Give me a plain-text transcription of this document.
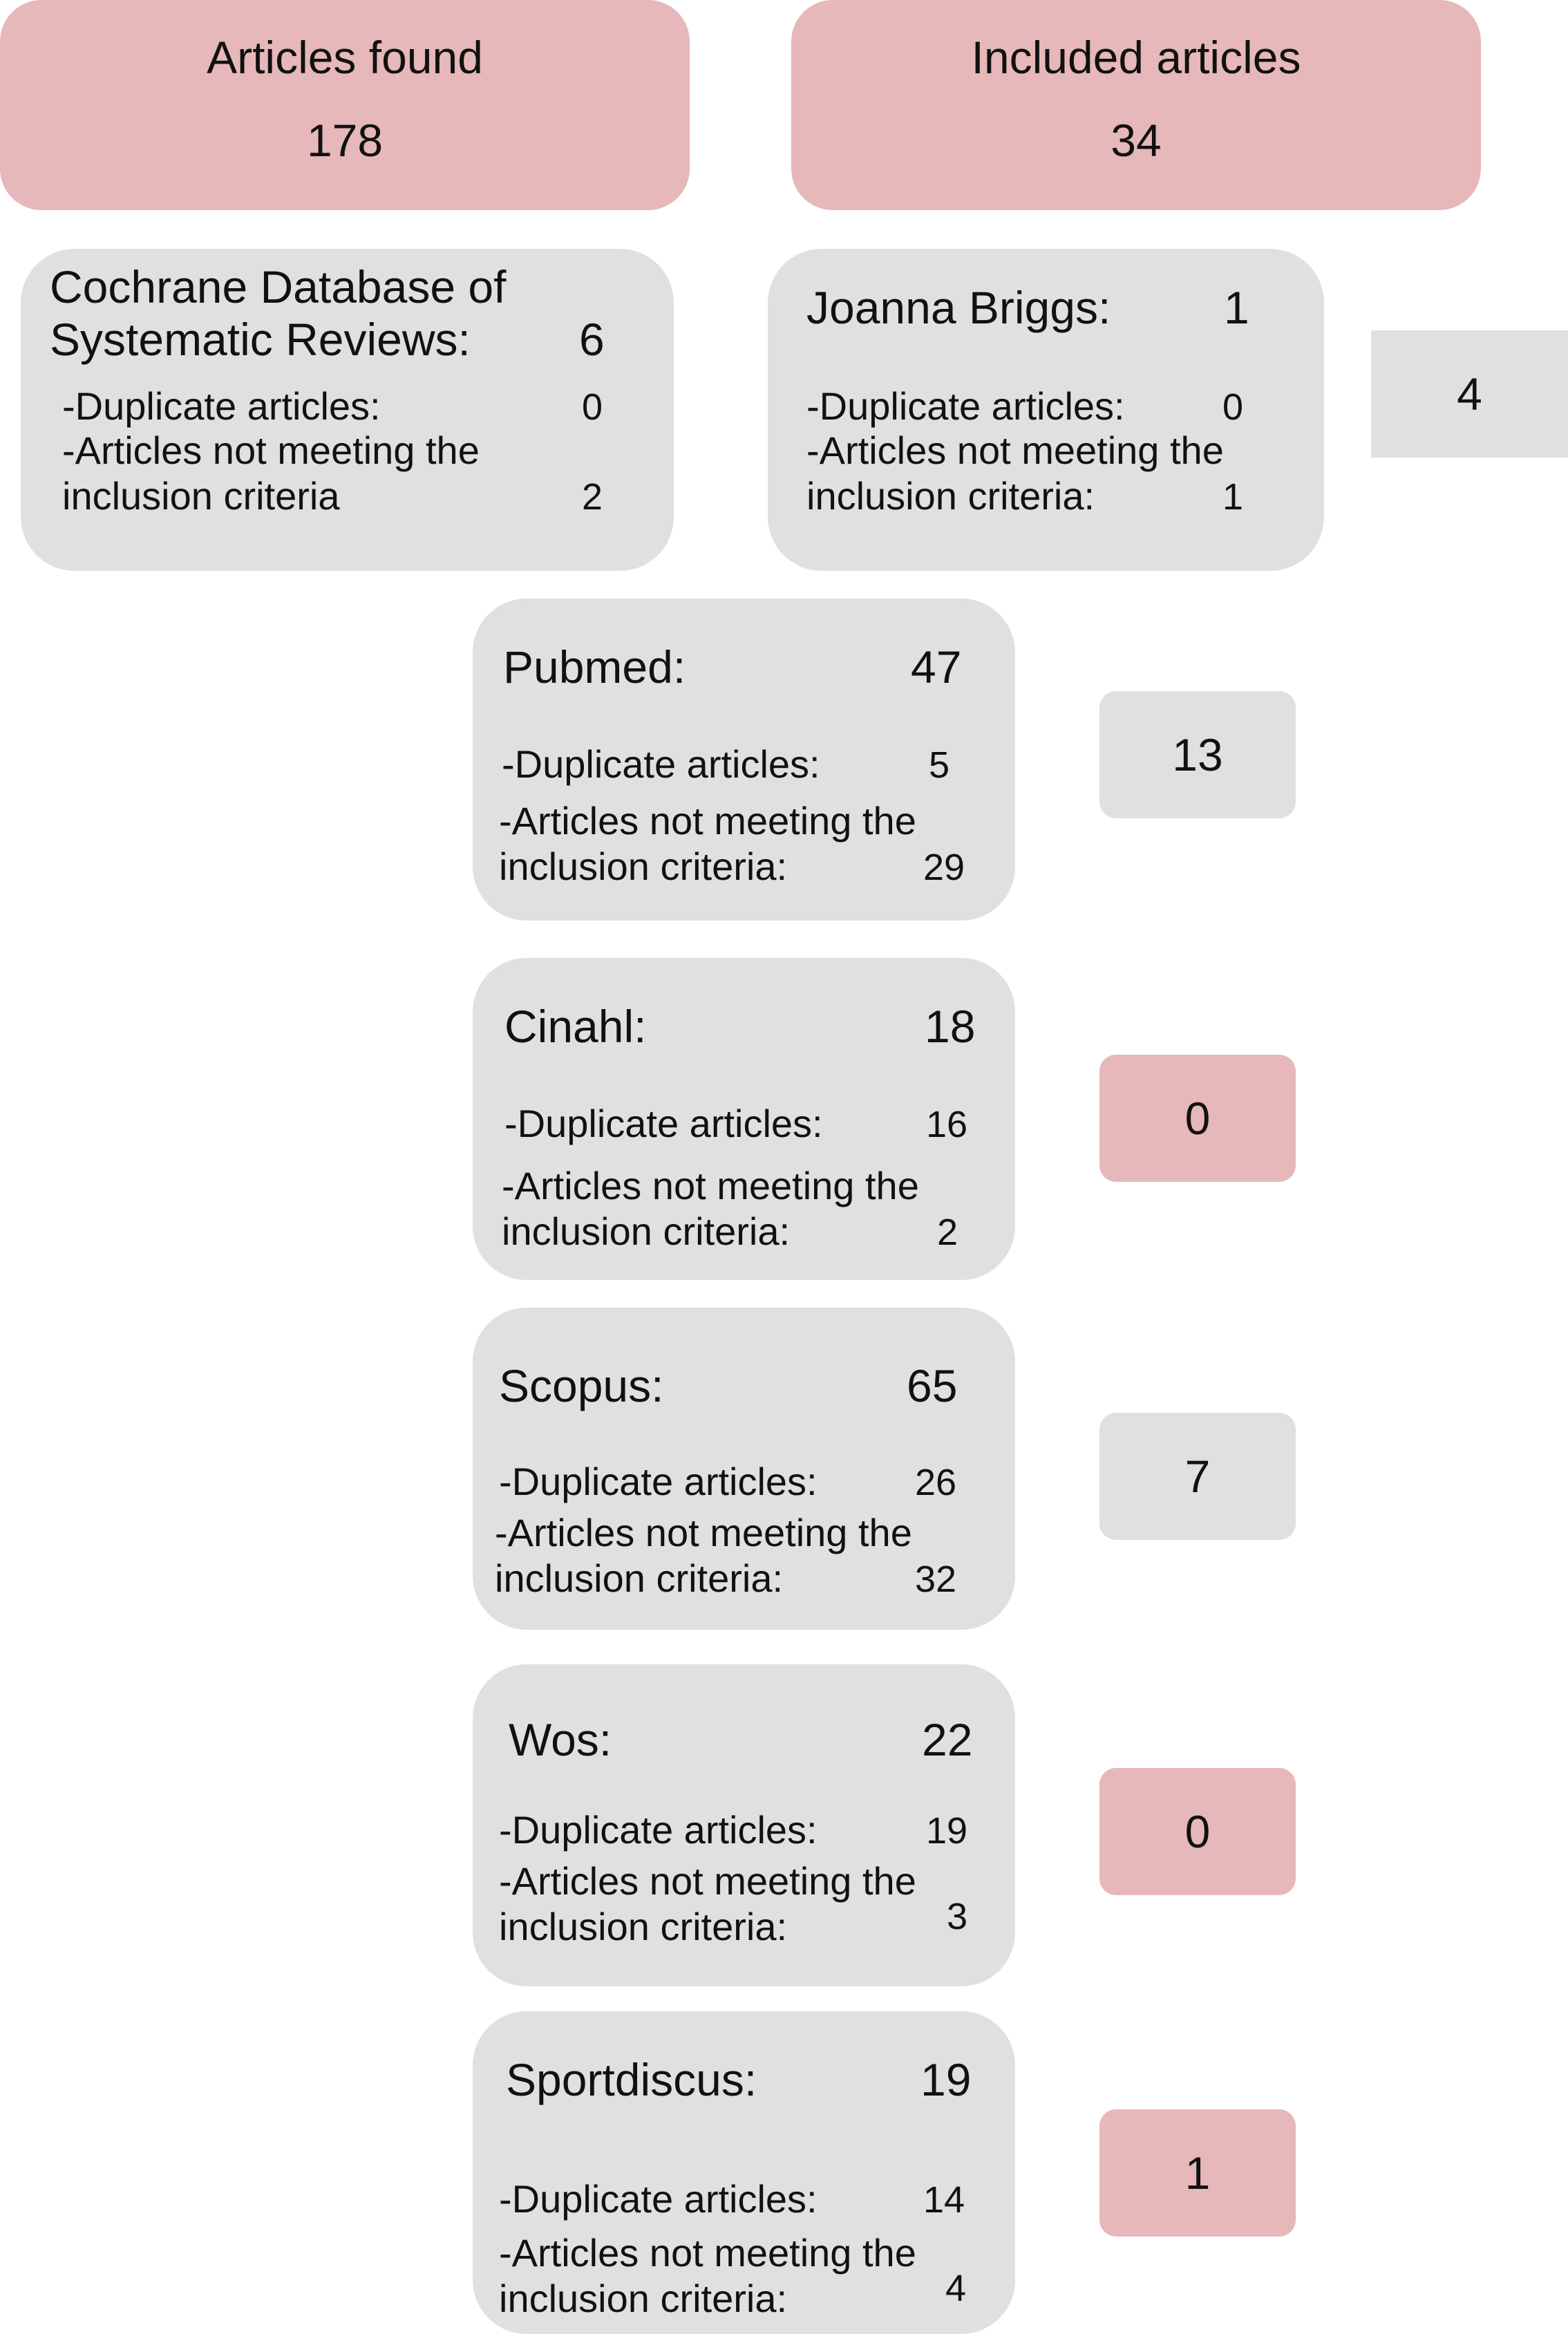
Articles found
178
Included articles
34
Cochrane Database of
Systematic Reviews: 6
-Duplicate articles:	0
-Articles not meeting the
inclusion criteria	2
Joanna Briggs: 1
-Duplicate articles:	0
-Articles not meeting the
inclusion criteria:	1
4
Pubmed:	47
-Duplicate articles:	5
-Articles not meeting the
inclusion criteria:	29
13
Cinahl:	18
-Duplicate articles:	16
-Articles not meeting the
inclusion criteria:	2
0
Scopus:	65
-Duplicate articles:	26
-Articles not meeting the
inclusion criteria:	32
7
Wos:	22
-Duplicate articles:	19
-Articles not meeting the
inclusion criteria:	3
0
Sportdiscus:	19
-Duplicate articles:	14
-Articles not meeting the
inclusion criteria:	4
1
